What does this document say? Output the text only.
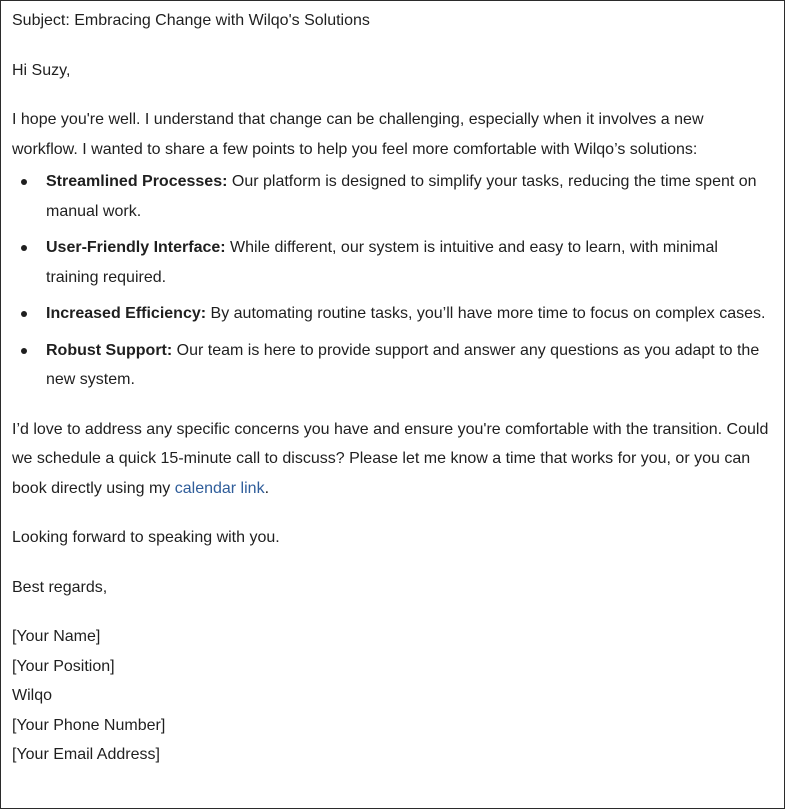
Subject: Embracing Change with Wilqo's Solutions

Hi Suzy,

I hope you're well. I understand that change can be challenging, especially when it involves a new workflow. I wanted to share a few points to help you feel more comfortable with Wilqo’s solutions:

Streamlined Processes: Our platform is designed to simplify your tasks, reducing the time spent on manual work.
User-Friendly Interface: While different, our system is intuitive and easy to learn, with minimal training required.
Increased Efficiency: By automating routine tasks, you’ll have more time to focus on complex cases.
Robust Support: Our team is here to provide support and answer any questions as you adapt to the new system.

I’d love to address any specific concerns you have and ensure you're comfortable with the transition. Could we schedule a quick 15-minute call to discuss? Please let me know a time that works for you, or you can book directly using my calendar link.

Looking forward to speaking with you.

Best regards,

[Your Name]
[Your Position]
Wilqo
[Your Phone Number]
[Your Email Address]
